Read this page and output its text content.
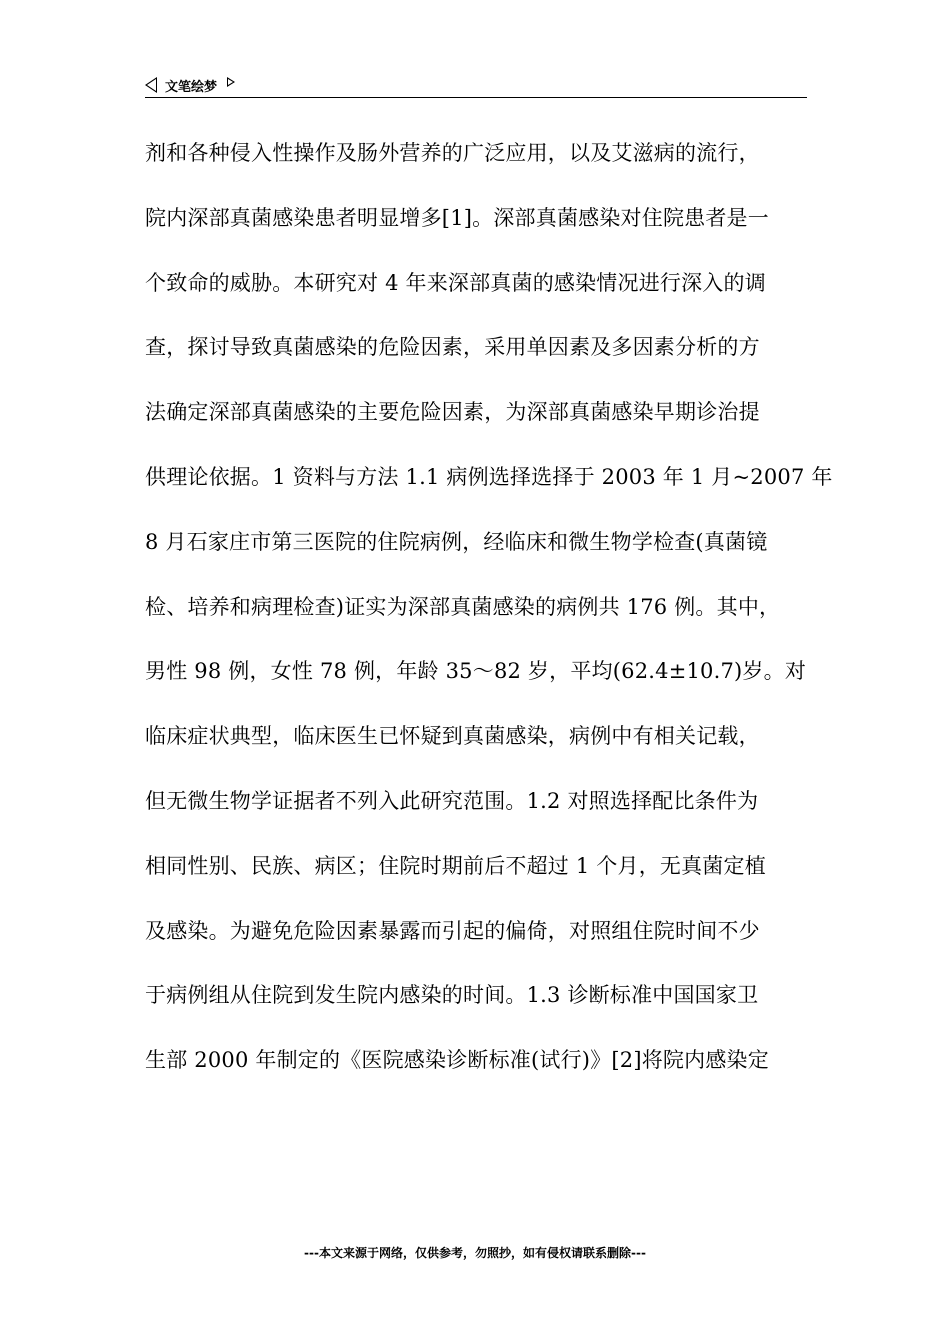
文笔绘梦
剂和各种侵入性操作及肠外营养的广泛应用，以及艾滋病的流行，
院内深部真菌感染患者明显增多[1]。深部真菌感染对住院患者是一
个致命的威胁。本研究对 4 年来深部真菌的感染情况进行深入的调
查，探讨导致真菌感染的危险因素，采用单因素及多因素分析的方
法确定深部真菌感染的主要危险因素，为深部真菌感染早期诊治提
供理论依据。1 资料与方法 1.1 病例选择选择于 2003 年 1 月~2007 年
8 月石家庄市第三医院的住院病例，经临床和微生物学检查(真菌镜
检、培养和病理检查)证实为深部真菌感染的病例共 176 例。其中，
男性 98 例，女性 78 例，年龄 35～82 岁，平均(62.4±10.7)岁。对
临床症状典型，临床医生已怀疑到真菌感染，病例中有相关记载，
但无微生物学证据者不列入此研究范围。1.2 对照选择配比条件为
相同性别、民族、病区；住院时期前后不超过 1 个月，无真菌定植
及感染。为避免危险因素暴露而引起的偏倚，对照组住院时间不少
于病例组从住院到发生院内感染的时间。1.3 诊断标准中国国家卫
生部 2000 年制定的《医院感染诊断标准(试行)》[2]将院内感染定
---本文来源于网络，仅供参考，勿照抄，如有侵权请联系删除---
